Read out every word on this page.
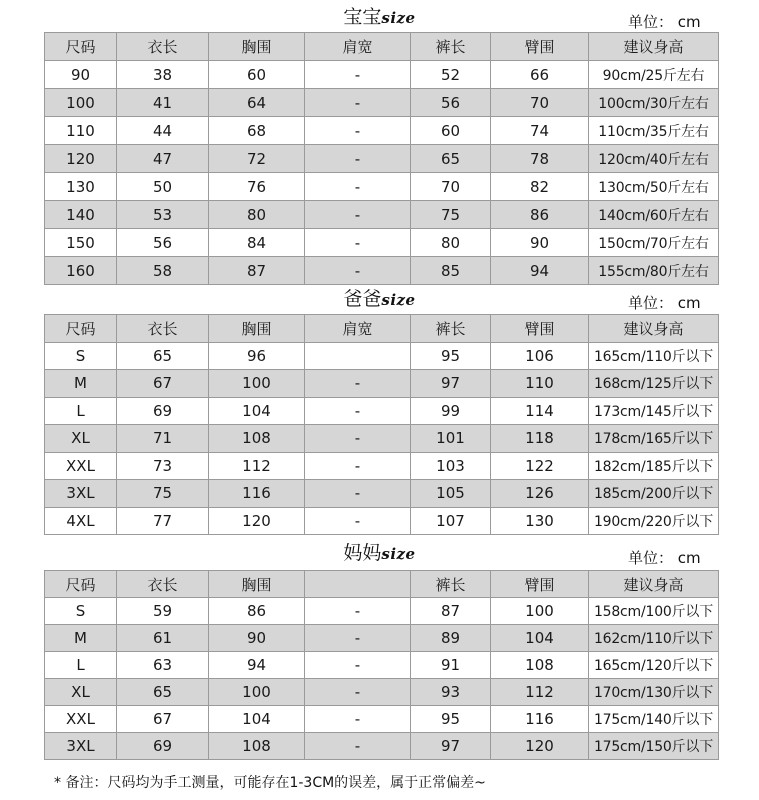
宝宝size	单位： cm
尺码	衣长	胸围	肩宽	裤长	臂围	建议身高
90	38	60	-	52	66	90cm/25斤左右
100	41	64	-	56	70	100cm/30斤左右
110	44	68	-	60	74	110cm/35斤左右
120	47	72	-	65	78	120cm/40斤左右
130	50	76	-	70	82	130cm/50斤左右
140	53	80	-	75	86	140cm/60斤左右
150	56	84	-	80	90	150cm/70斤左右
160	58	87	-	85	94	155cm/80斤左右
爸爸size	单位： cm
尺码	衣长	胸围	肩宽	裤长	臂围	建议身高
S	65	96		95	106	165cm/110斤以下
M	67	100	-	97	110	168cm/125斤以下
L	69	104	-	99	114	173cm/145斤以下
XL	71	108	-	101	118	178cm/165斤以下
XXL	73	112	-	103	122	182cm/185斤以下
3XL	75	116	-	105	126	185cm/200斤以下
4XL	77	120	-	107	130	190cm/220斤以下
妈妈size	单位： cm
尺码	衣长	胸围		裤长	臂围	建议身高
S	59	86	-	87	100	158cm/100斤以下
M	61	90	-	89	104	162cm/110斤以下
L	63	94	-	91	108	165cm/120斤以下
XL	65	100	-	93	112	170cm/130斤以下
XXL	67	104	-	95	116	175cm/140斤以下
3XL	69	108	-	97	120	175cm/150斤以下
* 备注：尺码均为手工测量，可能存在1-3CM的误差，属于正常偏差~
